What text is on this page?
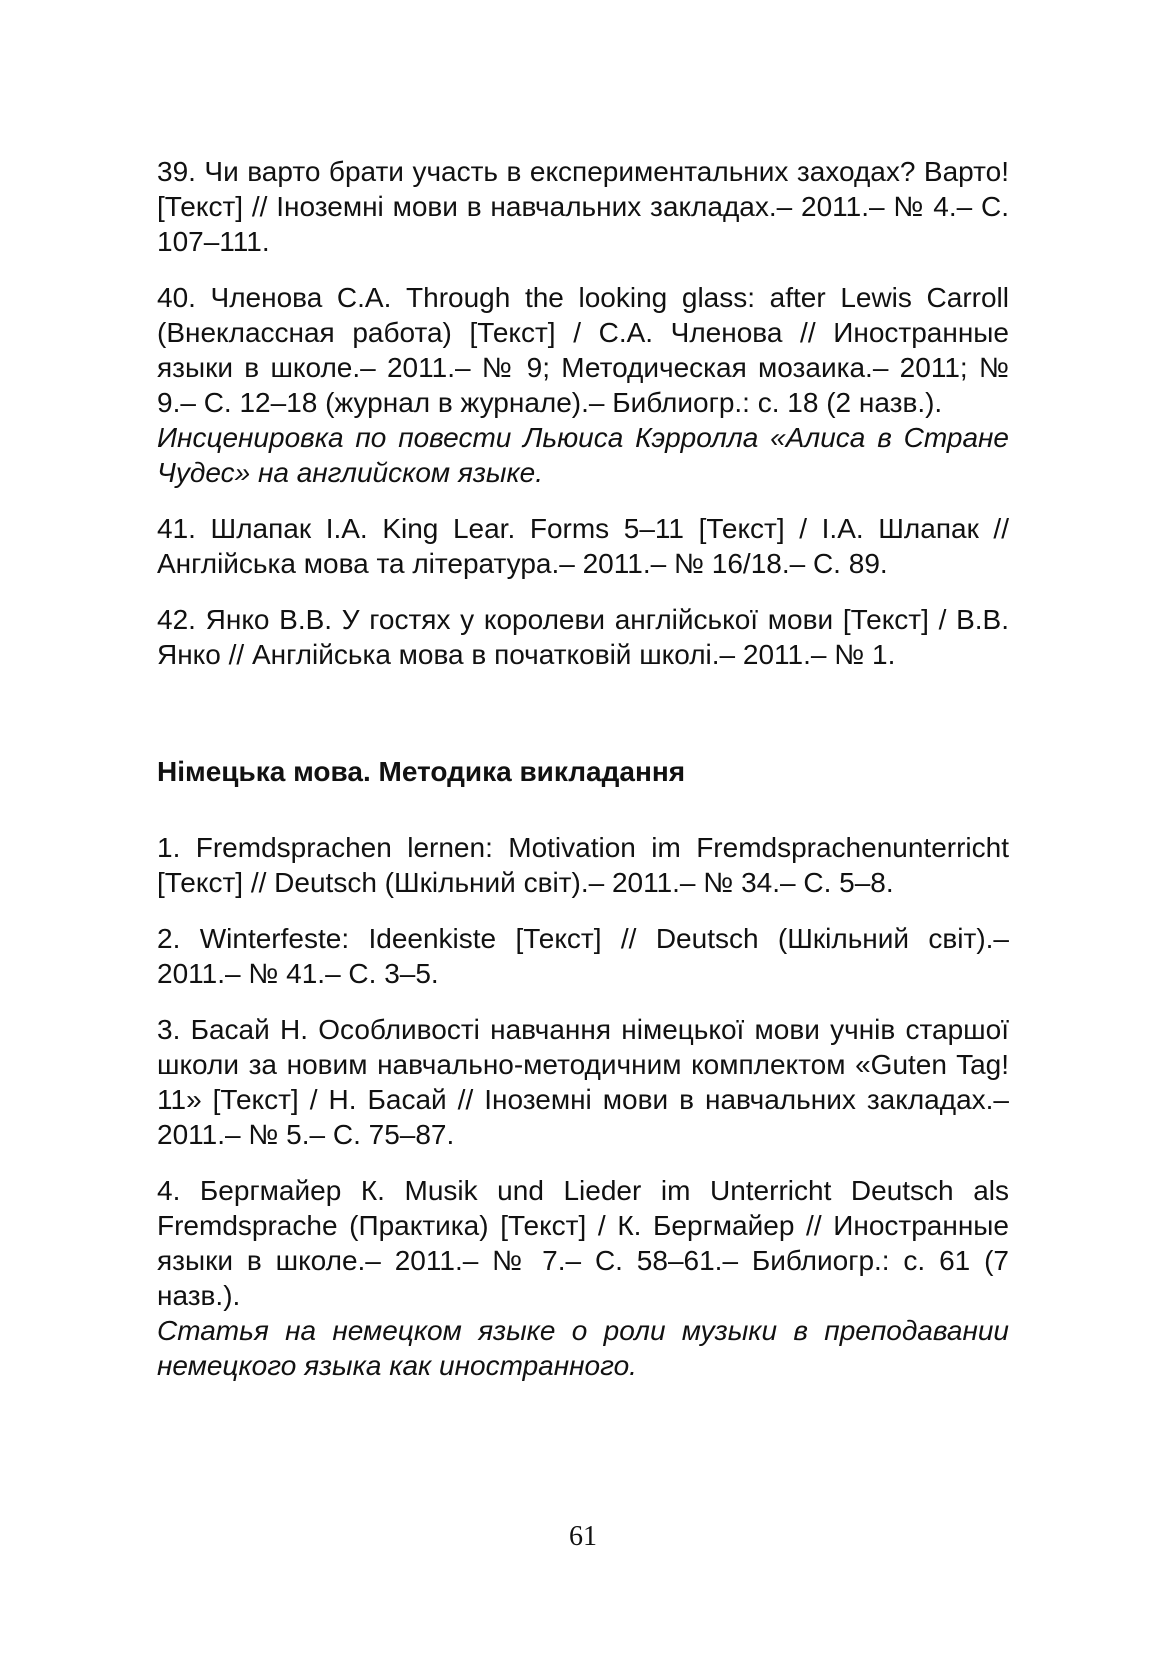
39. Чи варто брати участь в експериментальних заходах? Варто! [Текст] // Іноземні мови в навчальних закладах.– 2011.– № 4.– С. 107–111.

40. Членова С.А. Through the looking glass: after Lewis Carroll (Внеклассная работа) [Текст] / С.А. Членова // Иностранные языки в школе.– 2011.– № 9; Методическая мозаика.– 2011; № 9.– С. 12–18 (журнал в журнале).– Библиогр.: с. 18 (2 назв.).

Инсценировка по повести Льюиса Кэрролла «Алиса в Стране Чудес» на английском языке.

41. Шлапак І.А. King Lear. Forms 5–11 [Текст] / І.А. Шлапак // Англійська мова та література.– 2011.– № 16/18.– С. 89.

42. Янко В.В. У гостях у королеви англійської мови [Текст] / В.В. Янко // Англійська мова в початковій школі.– 2011.– № 1.

Німецька мова. Методика викладання

1. Fremdsprachen lernen: Motivation im Fremdsprachenunterricht [Текст] // Deutsch (Шкільний світ).– 2011.– № 34.– С. 5–8.

2. Winterfeste: Ideenkiste [Текст] // Deutsch (Шкільний світ).– 2011.– № 41.– С. 3–5.

3. Басай Н. Особливості навчання німецької мови учнів старшої школи за новим навчально-методичним комплектом «Guten Tag! 11» [Текст] / Н. Басай // Іноземні мови в навчальних закладах.– 2011.– № 5.– С. 75–87.

4. Бергмайер К. Musik und Lieder im Unterricht Deutsch als Fremdsprache (Практика) [Текст] / К. Бергмайер // Иностранные языки в школе.– 2011.– № 7.– С. 58–61.– Библиогр.: с. 61 (7 назв.).

Статья на немецком языке о роли музыки в преподавании немецкого языка как иностранного.

61
